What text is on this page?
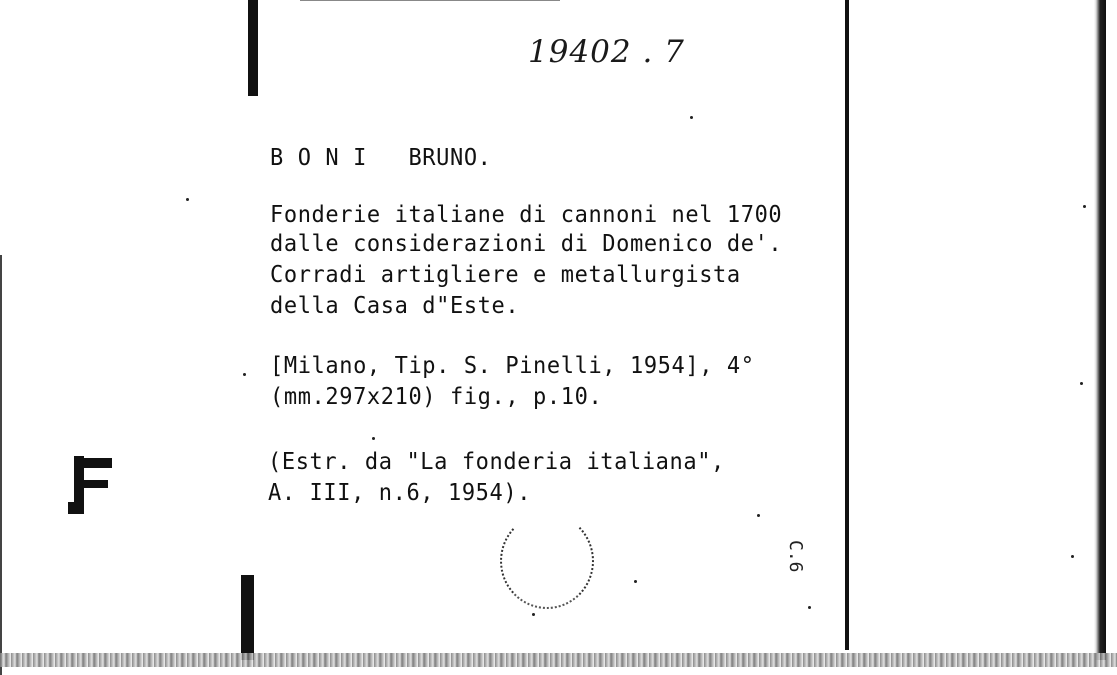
19402 . 7
B O N I   BRUNO.
Fonderie italiane di cannoni nel 1700
dalle considerazioni di Domenico de'.
Corradi artigliere e metallurgista
della Casa d"Este.
[Milano, Tip. S. Pinelli, 1954], 4°
(mm.297x210) fig., p.10.
(Estr. da "La fonderia italiana",
A. III, n.6, 1954).
C.6
